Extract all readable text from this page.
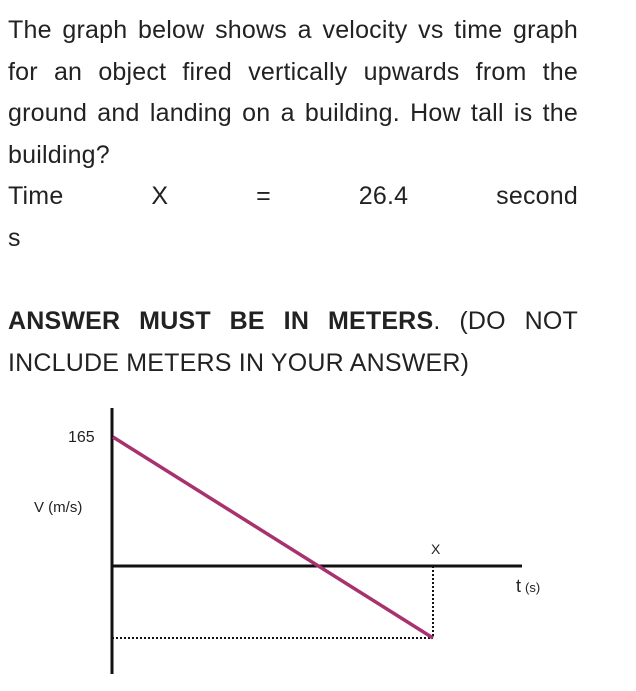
The graph below shows a velocity vs time graph for an object fired vertically upwards from the ground and landing on a building. How tall is the building?

Time	X	=	26.4	second

s

ANSWER MUST BE IN METERS. (DO NOT INCLUDE METERS IN YOUR ANSWER)

165
V (m/s)
X
t (s)
